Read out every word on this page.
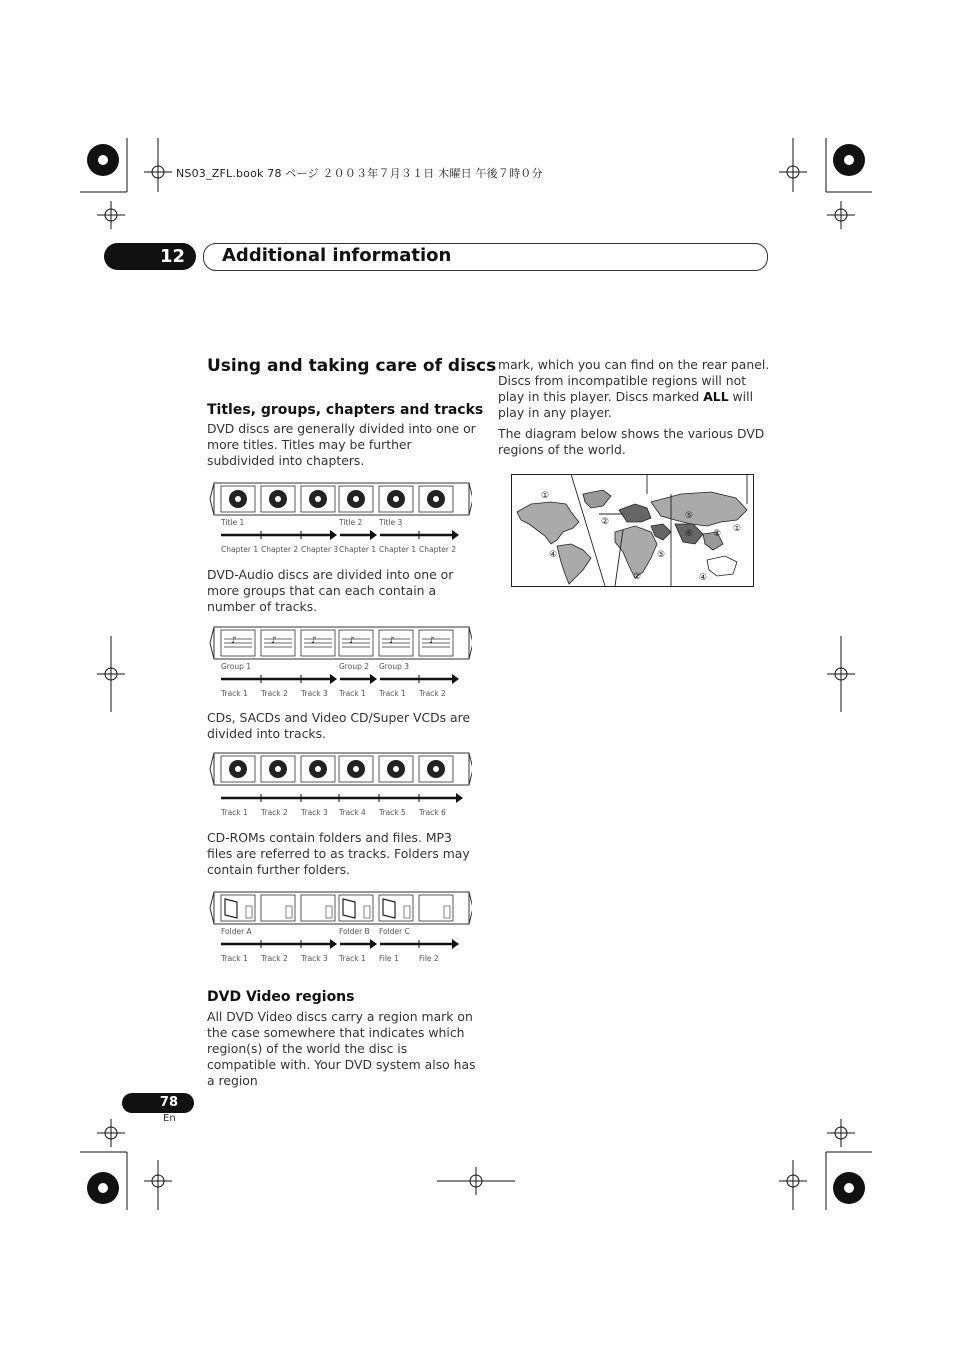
NS03_ZFL.book 78 ページ ２００３年７月３１日 木曜日 午後７時０分
12	Additional information
Using and taking care of discs
Titles, groups, chapters and tracks
DVD discs are generally divided into one or more titles. Titles may be further subdivided into chapters.
Chapter 1 Chapter 2 Chapter 3 Chapter 1 Chapter 1 Chapter 2
Title 1	Title 2 Title 3
DVD-Audio discs are divided into one or more groups that can each contain a number of tracks.
♪	♪	♪	♪	♪	♪
Track 1 Track 2 Track 3 Track 1 Track 1 Track 2
Group 1	Group 2 Group 3
CDs, SACDs and Video CD/Super VCDs are divided into tracks.
Track 1 Track 2 Track 3 Track 4 Track 5 Track 6
CD-ROMs contain folders and files. MP3 files are referred to as tracks. Folders may contain further folders.
Track 1 Track 2 Track 3 Track 1 File 1	File 2
Folder A	Folder B Folder C
DVD Video regions
All DVD Video discs carry a region mark on the case somewhere that indicates which region(s) of the world the disc is compatible with. Your DVD system also has a region
mark, which you can find on the rear panel. Discs from incompatible regions will not play in this player. Discs marked ALL will play in any player.
The diagram below shows the various DVD regions of the world.
①
②
⑤
⑥ ② ①
④	⑤
②	④
78
En
